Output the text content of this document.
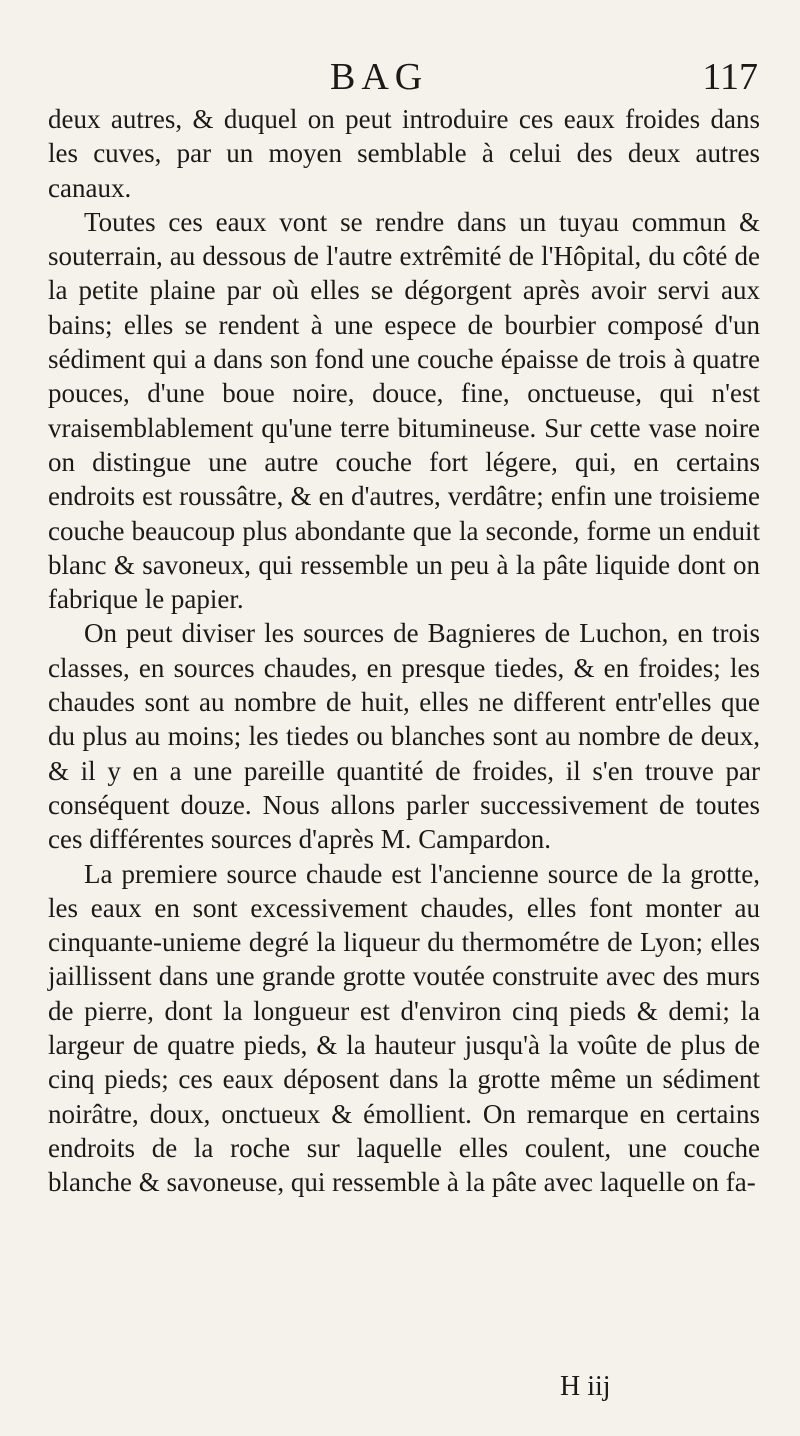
BAG	117

deux autres, & duquel on peut introduire ces eaux froides dans les cuves, par un moyen semblable à celui des deux autres canaux.

Toutes ces eaux vont se rendre dans un tuyau commun & souterrain, au dessous de l'autre extrêmité de l'Hôpital, du côté de la petite plaine par où elles se dégorgent après avoir servi aux bains; elles se rendent à une espece de bourbier composé d'un sédiment qui a dans son fond une couche épaisse de trois à quatre pouces, d'une boue noire, douce, fine, onctueuse, qui n'est vraisemblablement qu'une terre bitumineuse. Sur cette vase noire on distingue une autre couche fort légere, qui, en certains endroits est roussâtre, & en d'autres, verdâtre; enfin une troisieme couche beaucoup plus abondante que la seconde, forme un enduit blanc & savoneux, qui ressemble un peu à la pâte liquide dont on fabrique le papier.

On peut diviser les sources de Bagnieres de Luchon, en trois classes, en sources chaudes, en presque tiedes, & en froides; les chaudes sont au nombre de huit, elles ne different entr'elles que du plus au moins; les tiedes ou blanches sont au nombre de deux, & il y en a une pareille quantité de froides, il s'en trouve par conséquent douze. Nous allons parler successivement de toutes ces différentes sources d'après M. Campardon.

La premiere source chaude est l'ancienne source de la grotte, les eaux en sont excessivement chaudes, elles font monter au cinquante-unieme degré la liqueur du thermométre de Lyon; elles jaillissent dans une grande grotte voutée construite avec des murs de pierre, dont la longueur est d'environ cinq pieds & demi; la largeur de quatre pieds, & la hauteur jusqu'à la voûte de plus de cinq pieds; ces eaux déposent dans la grotte même un sédiment noirâtre, doux, onctueux & émollient. On remarque en certains endroits de la roche sur laquelle elles coulent, une couche blanche & savoneuse, qui ressemble à la pâte avec laquelle on fa-

H iij
